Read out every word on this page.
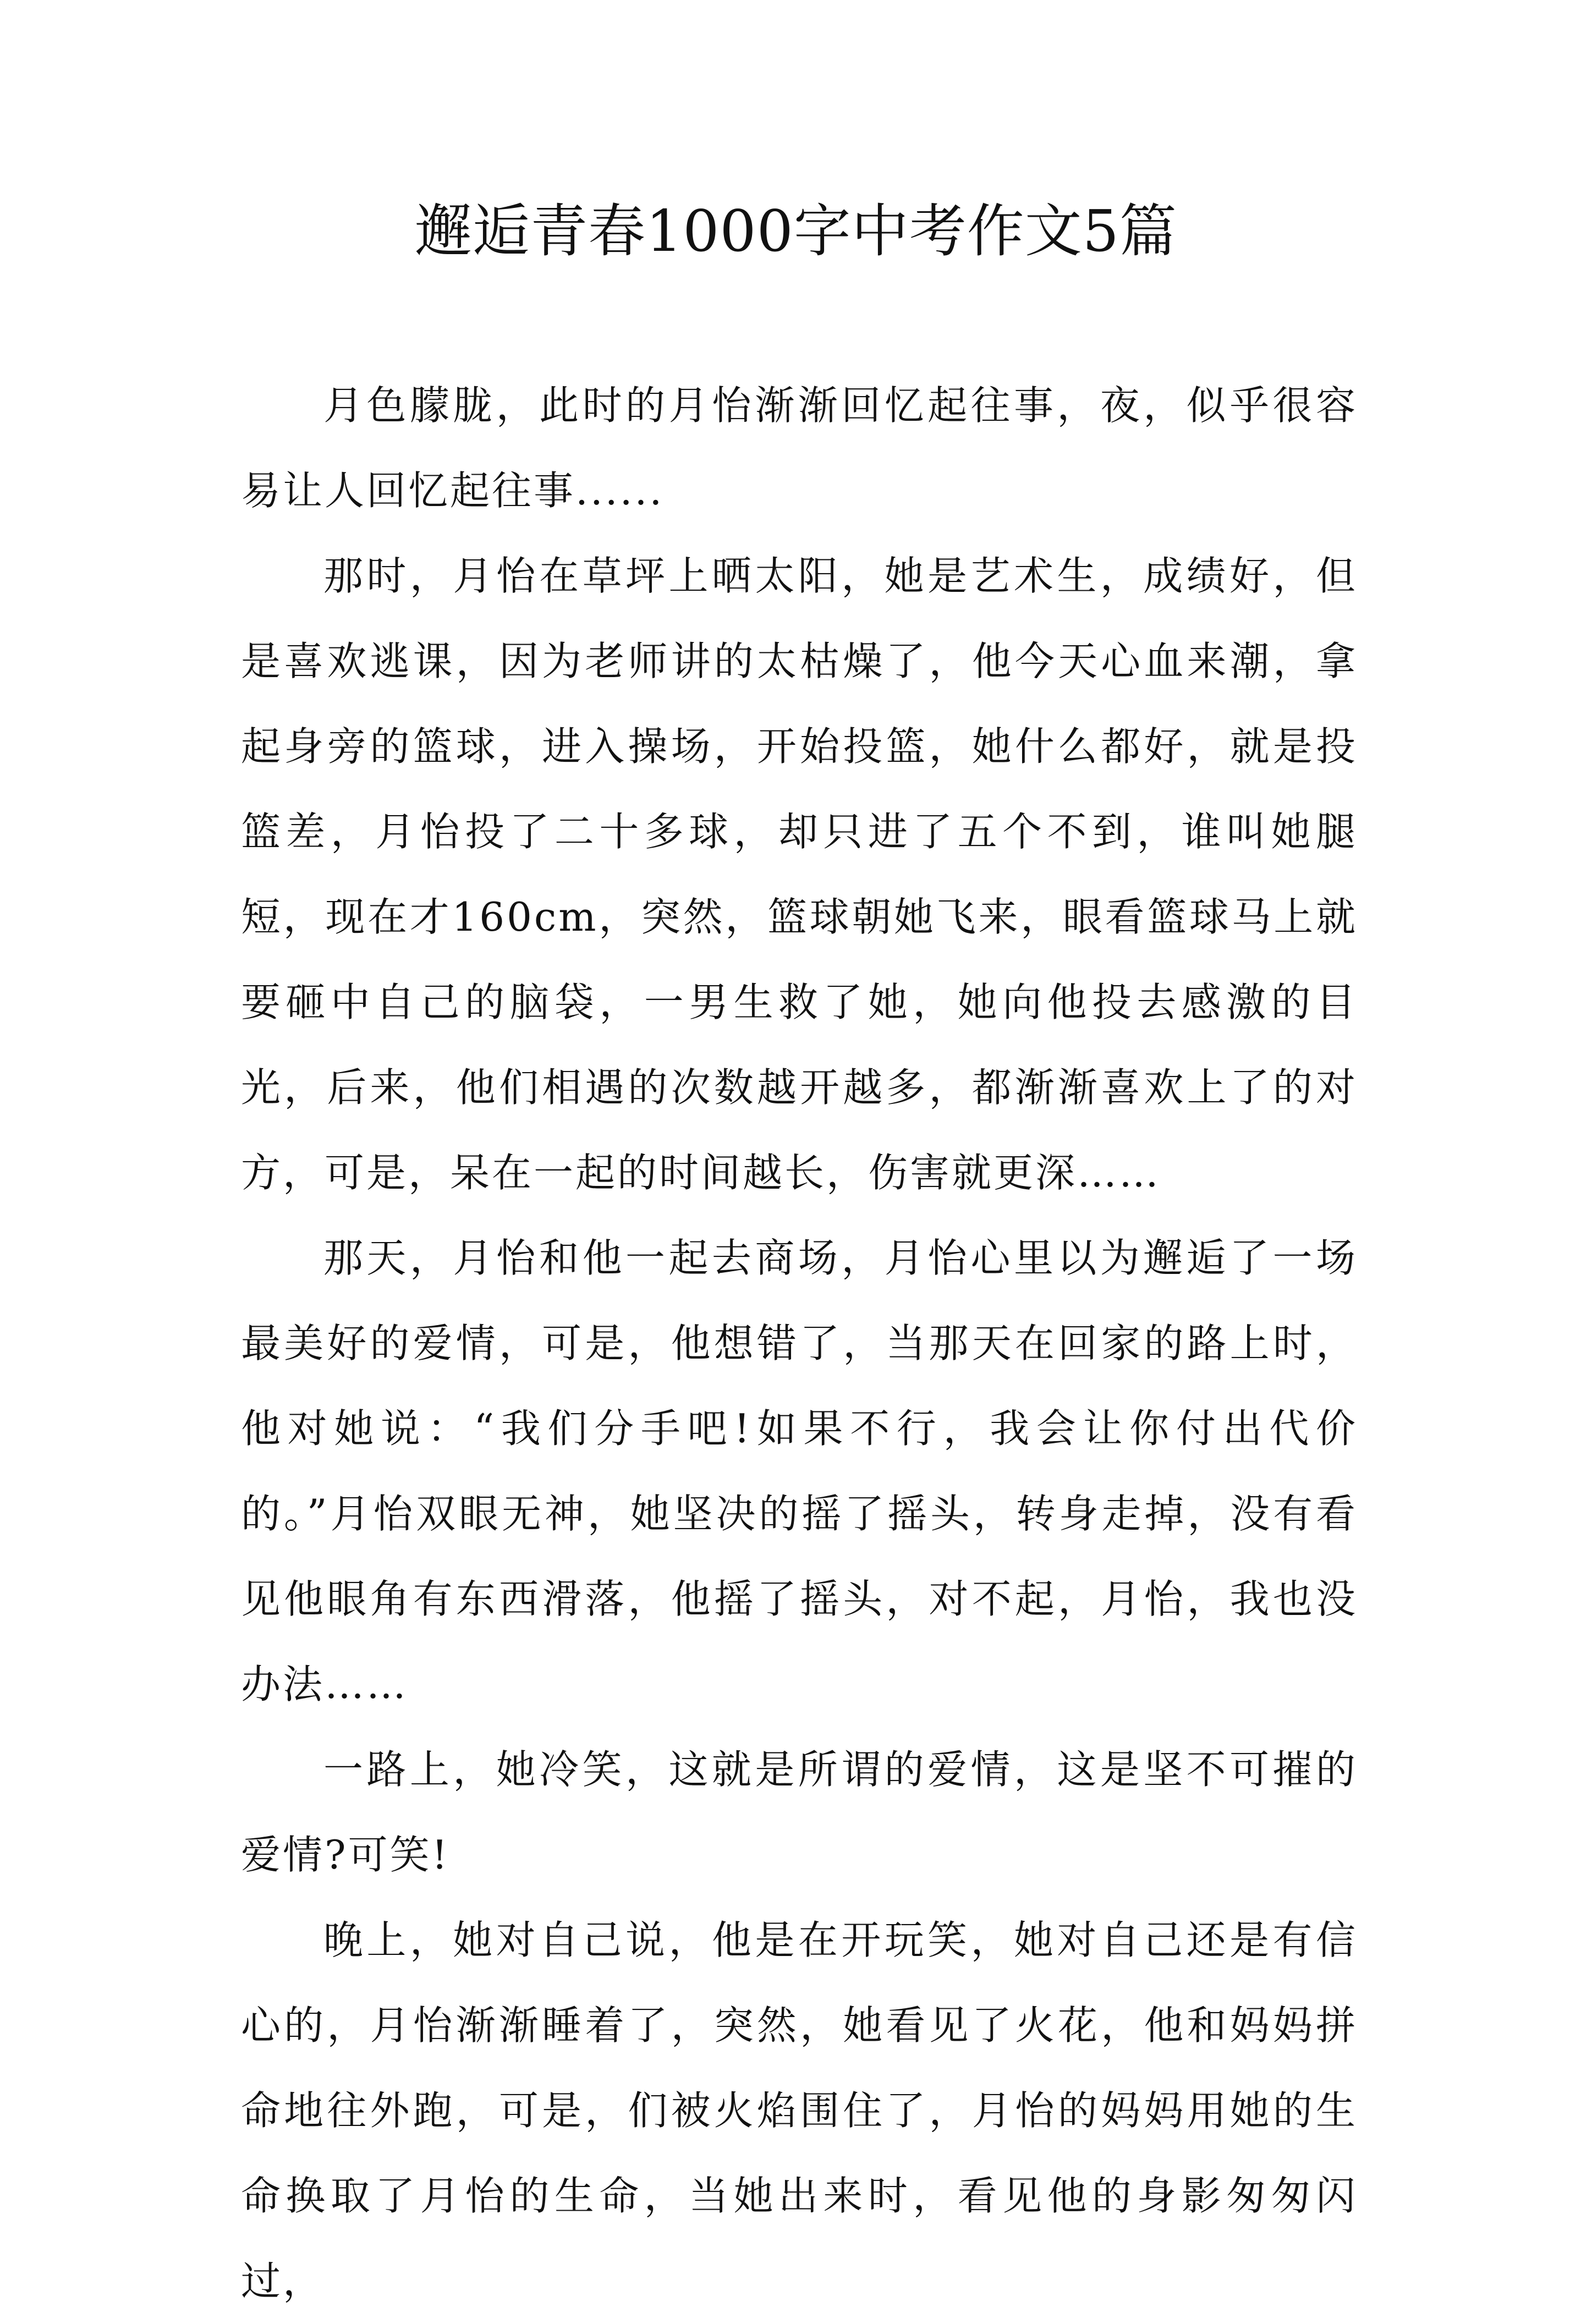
邂逅青春1000字中考作文5篇

月色朦胧，此时的月怡渐渐回忆起往事，夜，似乎很容易让人回忆起往事......

那时，月怡在草坪上晒太阳，她是艺术生，成绩好，但是喜欢逃课，因为老师讲的太枯燥了，他今天心血来潮，拿起身旁的篮球，进入操场，开始投篮，她什么都好，就是投篮差，月怡投了二十多球，却只进了五个不到，谁叫她腿短，现在才160cm，突然，篮球朝她飞来，眼看篮球马上就要砸中自己的脑袋，一男生救了她，她向他投去感激的目光，后来，他们相遇的次数越开越多，都渐渐喜欢上了的对方，可是，呆在一起的时间越长，伤害就更深……

那天，月怡和他一起去商场，月怡心里以为邂逅了一场最美好的爱情，可是，他想错了，当那天在回家的路上时，他对她说：“我们分手吧!如果不行，我会让你付出代价的。”月怡双眼无神，她坚决的摇了摇头，转身走掉，没有看见他眼角有东西滑落，他摇了摇头，对不起，月怡，我也没办法……

一路上，她冷笑，这就是所谓的爱情，这是坚不可摧的爱情?可笑!

晚上，她对自己说，他是在开玩笑，她对自己还是有信心的，月怡渐渐睡着了，突然，她看见了火花，他和妈妈拼命地往外跑，可是，们被火焰围住了，月怡的妈妈用她的生命换取了月怡的生命，当她出来时，看见他的身影匆匆闪过，
